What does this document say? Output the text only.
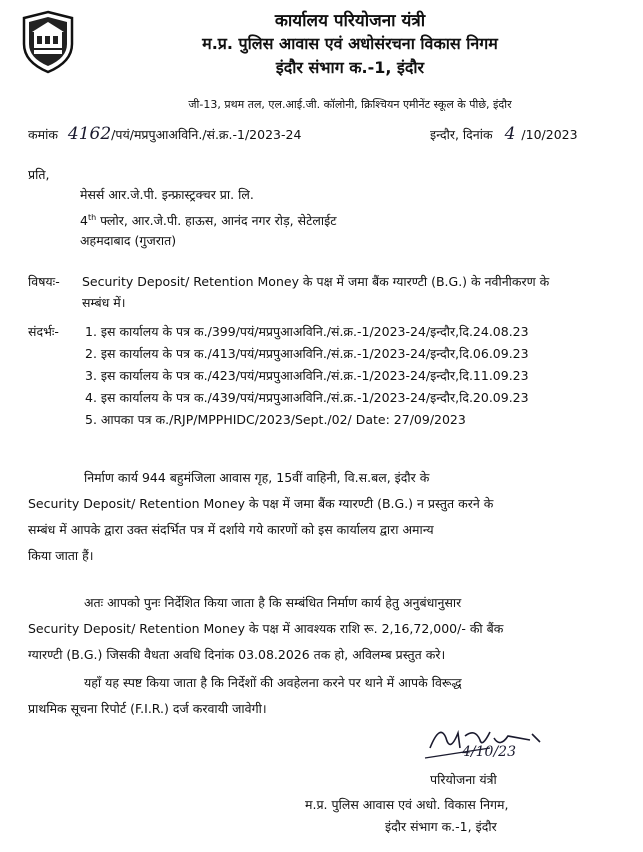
कार्यालय परियोजना यंत्री
म.प्र. पुलिस आवास एवं अधोसंरचना विकास निगम
इंदौर संभाग क.-1, इंदौर
जी-13, प्रथम तल, एल.आई.जी. कॉलोनी, क्रिश्चियन एमीनेंट स्कूल के पीछे, इंदौर
कमांक 4162/पयं/मप्रपुआअविनि./सं.क्र.-1/2023-24	इन्दौर, दिनांक 4 /10/2023
प्रति,
मेसर्स आर.जे.पी. इन्फ्रास्ट्रक्चर प्रा. लि.
4th फ्लोर, आर.जे.पी. हाऊस, आनंद नगर रोड़, सेटेलाईट
अहमदाबाद (गुजरात)
विषयः- Security Deposit/ Retention Money के पक्ष में जमा बैंक ग्यारण्टी (B.G.) के नवीनीकरण के
सम्बंध में।
संदर्भः- 1. इस कार्यालय के पत्र क./399/पयं/मप्रपुआअविनि./सं.क्र.-1/2023-24/इन्दौर,दि.24.08.23
2. इस कार्यालय के पत्र क./413/पयं/मप्रपुआअविनि./सं.क्र.-1/2023-24/इन्दौर,दि.06.09.23
3. इस कार्यालय के पत्र क./423/पयं/मप्रपुआअविनि./सं.क्र.-1/2023-24/इन्दौर,दि.11.09.23
4. इस कार्यालय के पत्र क./439/पयं/मप्रपुआअविनि./सं.क्र.-1/2023-24/इन्दौर,दि.20.09.23
5. आपका पत्र क./RJP/MPPHIDC/2023/Sept./02/ Date: 27/09/2023
निर्माण कार्य 944 बहुमंजिला आवास गृह, 15वीं वाहिनी, वि.स.बल, इंदौर के
Security Deposit/ Retention Money के पक्ष में जमा बैंक ग्यारण्टी (B.G.) न प्रस्तुत करने के
सम्बंध में आपके द्वारा उक्त संदर्भित पत्र में दर्शाये गये कारणों को इस कार्यालय द्वारा अमान्य
किया जाता हैं।
अतः आपको पुनः निर्देशित किया जाता है कि सम्बंधित निर्माण कार्य हेतु अनुबंधानुसार
Security Deposit/ Retention Money के पक्ष में आवश्यक राशि रू. 2,16,72,000/- की बैंक
ग्यारण्टी (B.G.) जिसकी वैधता अवधि दिनांक 03.08.2026 तक हो, अविलम्ब प्रस्तुत करे।
यहाँ यह स्पष्ट किया जाता है कि निर्देशों की अवहेलना करने पर थाने में आपके विरूद्ध
प्राथमिक सूचना रिपोर्ट (F.I.R.) दर्ज करवायी जावेगी।
4/10/23
परियोजना यंत्री
म.प्र. पुलिस आवास एवं अधो. विकास निगम,
इंदौर संभाग क.-1, इंदौर
